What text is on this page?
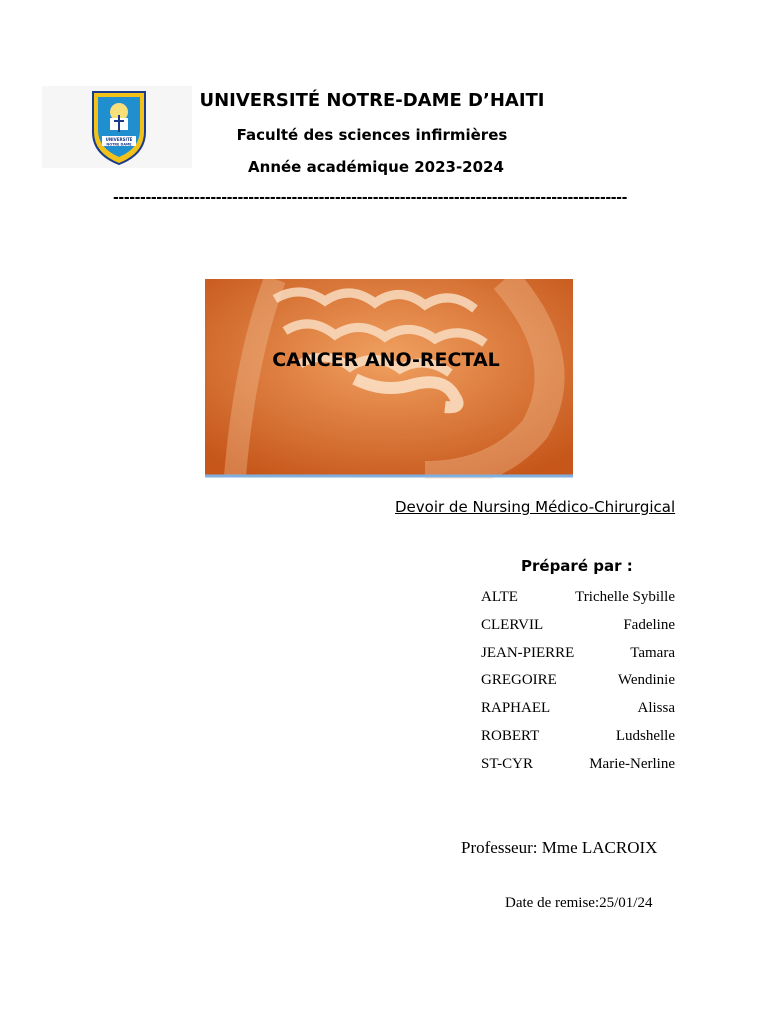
UNIVERSITÉ
NOTRE DAME
UNIVERSITÉ NOTRE-DAME D’HAITI
Faculté des sciences infirmières
Année académique 2023-2024
-----------------------------------------------------------------------------------------------
CANCER ANO-RECTAL
Devoir de Nursing Médico-Chirurgical
Préparé par :
ALTE	Trichelle Sybille
CLERVIL	Fadeline
JEAN-PIERRE	Tamara
GREGOIRE	Wendinie
RAPHAEL	Alissa
ROBERT	Ludshelle
ST-CYR	Marie-Nerline
Professeur: Mme LACROIX
Date de remise:25/01/24
